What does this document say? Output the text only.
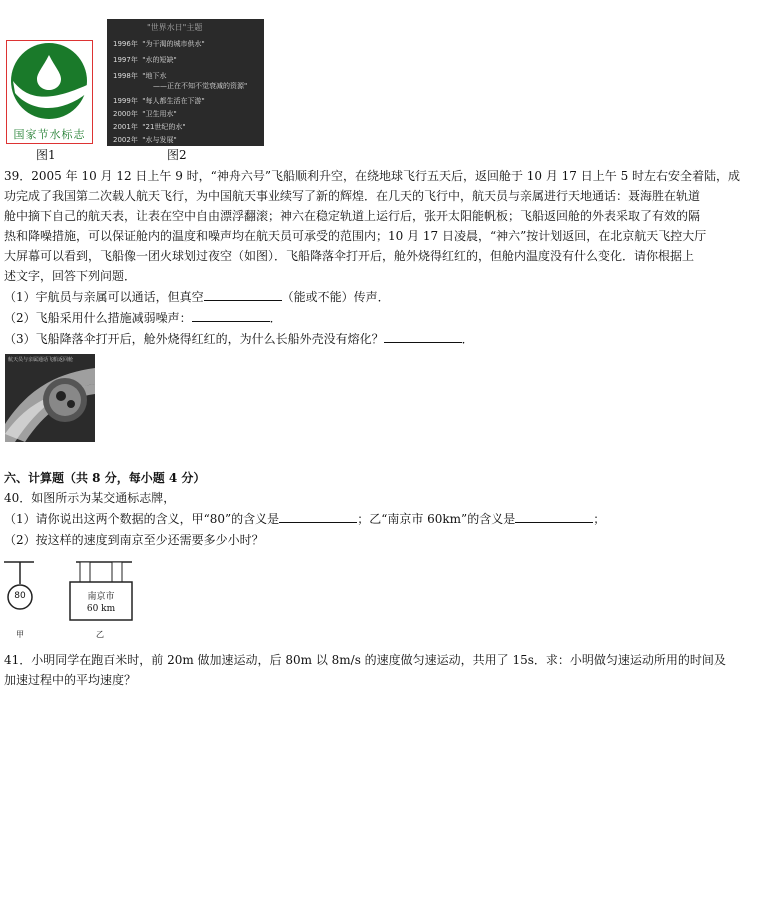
国家节水标志
图1
"世界水日"主题
1996年 "为干渴的城市供水"
1997年 "水的短缺"
1998年 "地下水
——正在不知不觉衰减的资源"
1999年 "每人都生活在下游"
2000年 "卫生用水"
2001年 "21世纪的水"
2002年 "水与发展"
图2
39．2005 年 10 月 12 日上午 9 时，“神舟六号”飞船顺利升空，在绕地球飞行五天后，返回舱于 10 月 17 日上午 5 时左右安全着陆，成
功完成了我国第二次载人航天飞行，为中国航天事业续写了新的辉煌．在几天的飞行中，航天员与亲属进行天地通话：聂海胜在轨道
舱中摘下自己的航天表，让表在空中自由漂浮翻滚；神六在稳定轨道上运行后，张开太阳能帆板；飞船返回舱的外表采取了有效的隔
热和降噪措施，可以保证舱内的温度和噪声均在航天员可承受的范围内；10 月 17 日凌晨，“神六”按计划返回，在北京航天飞控大厅
大屏幕可以看到，飞船像一团火球划过夜空（如图）．飞船降落伞打开后，舱外烧得红红的，但舱内温度没有什么变化．请你根据上
述文字，回答下列问题．
（1）宇航员与亲属可以通话，但真空	（能或不能）传声．
（2）飞船采用什么措施减弱噪声：	．
（3）飞船降落伞打开后，舱外烧得红红的，为什么长船外壳没有熔化？	．
航天员与亲属通话飞船返回舱
六、计算题（共 8 分，每小题 4 分）
40．如图所示为某交通标志牌，
（1）请你说出这两个数据的含义，甲“80”的含义是	；乙“南京市 60km”的含义是	；
（2）按这样的速度到南京至少还需要多少小时？
80	南京市
60 km
甲	乙
41．小明同学在跑百米时，前 20m 做加速运动，后 80m 以 8m/s 的速度做匀速运动，共用了 15s．求：小明做匀速运动所用的时间及
加速过程中的平均速度？
